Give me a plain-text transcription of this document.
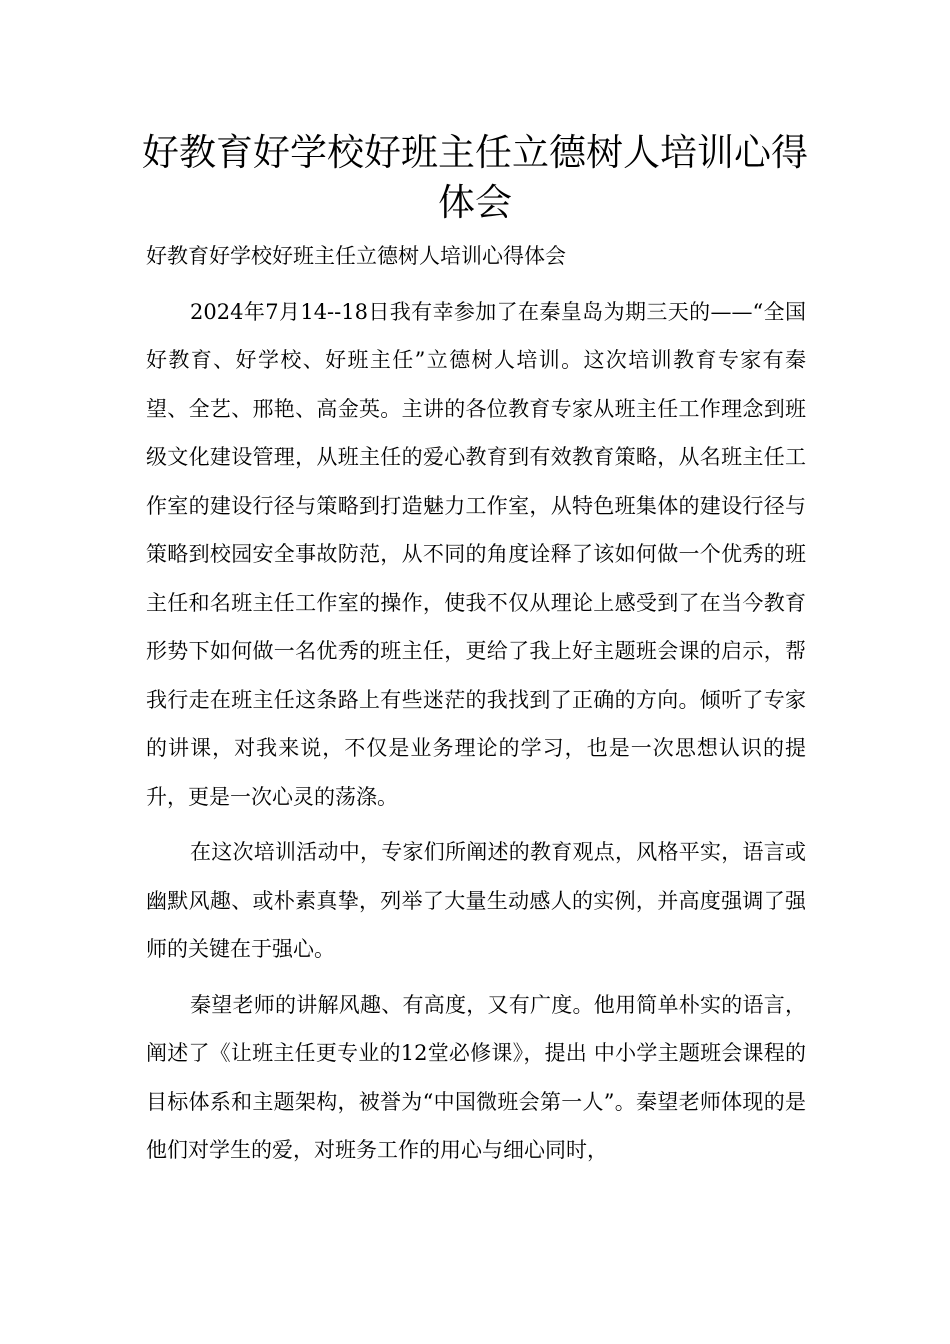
好教育好学校好班主任立德树人培训心得体会

好教育好学校好班主任立德树人培训心得体会

2024年7月14--18日我有幸参加了在秦皇岛为期三天的——“全国好教育、好学校、好班主任”立德树人培训。这次培训教育专家有秦望、全艺、邢艳、高金英。主讲的各位教育专家从班主任工作理念到班级文化建设管理，从班主任的爱心教育到有效教育策略，从名班主任工作室的建设行径与策略到打造魅力工作室，从特色班集体的建设行径与策略到校园安全事故防范，从不同的角度诠释了该如何做一个优秀的班主任和名班主任工作室的操作，使我不仅从理论上感受到了在当今教育形势下如何做一名优秀的班主任，更给了我上好主题班会课的启示，帮我行走在班主任这条路上有些迷茫的我找到了正确的方向。倾听了专家的讲课，对我来说，不仅是业务理论的学习，也是一次思想认识的提升，更是一次心灵的荡涤。

在这次培训活动中，专家们所阐述的教育观点，风格平实，语言或幽默风趣、或朴素真挚，列举了大量生动感人的实例，并高度强调了强师的关键在于强心。

秦望老师的讲解风趣、有高度，又有广度。他用简单朴实的语言，阐述了《让班主任更专业的12堂必修课》，提出 中小学主题班会课程的目标体系和主题架构，被誉为“中国微班会第一人”。秦望老师体现的是他们对学生的爱，对班务工作的用心与细心同时，
